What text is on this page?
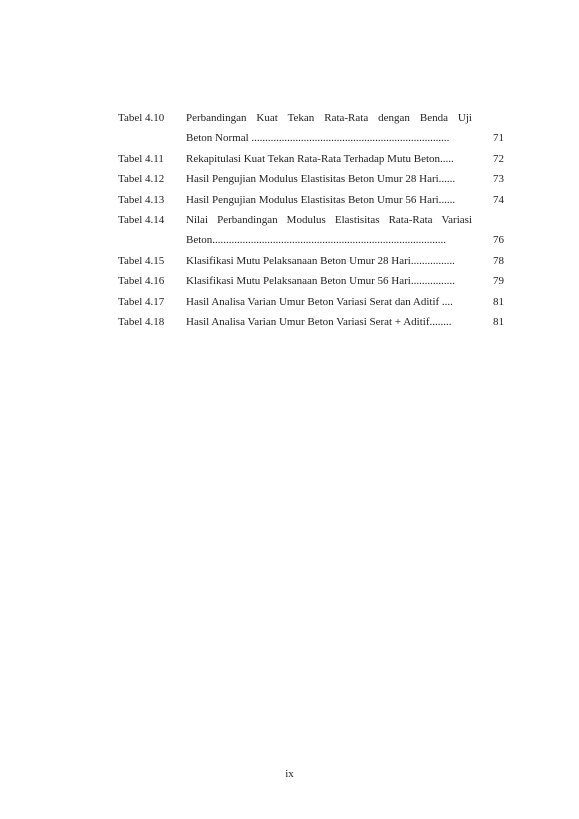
Tabel 4.10 Perbandingan Kuat Tekan Rata-Rata dengan Benda Uji
Beton Normal ........................................................................	71
Tabel 4.11 Rekapitulasi Kuat Tekan Rata-Rata Terhadap Mutu Beton.....	72
Tabel 4.12 Hasil Pengujian Modulus Elastisitas Beton Umur 28 Hari......	73
Tabel 4.13 Hasil Pengujian Modulus Elastisitas Beton Umur 56 Hari......	74
Tabel 4.14 Nilai Perbandingan Modulus Elastisitas Rata-Rata Variasi
Beton.....................................................................................	76
Tabel 4.15 Klasifikasi Mutu Pelaksanaan Beton Umur 28 Hari................	78
Tabel 4.16 Klasifikasi Mutu Pelaksanaan Beton Umur 56 Hari................	79
Tabel 4.17 Hasil Analisa Varian Umur Beton Variasi Serat dan Aditif ....	81
Tabel 4.18 Hasil Analisa Varian Umur Beton Variasi Serat + Aditif........	81
ix
